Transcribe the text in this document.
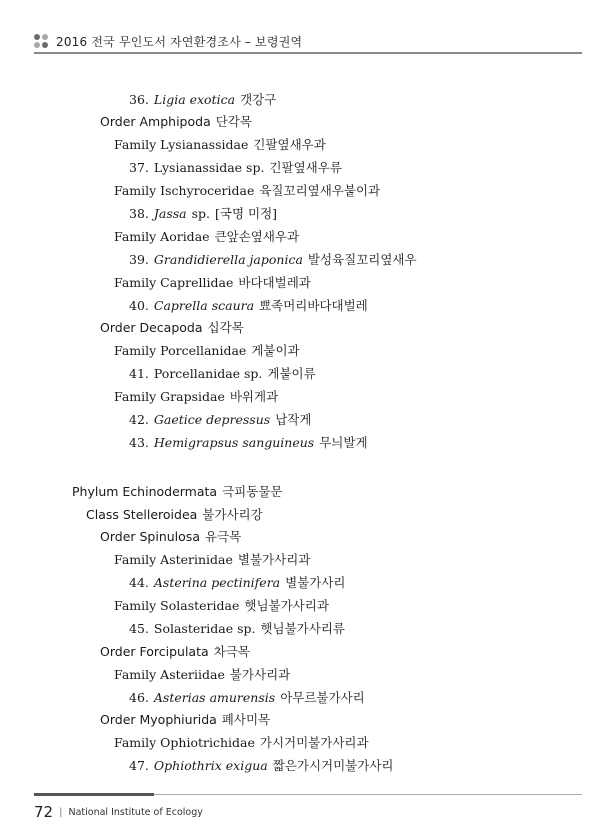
2016 전국 무인도서 자연환경조사 – 보령권역
36. Ligia exotica 갯강구
Order Amphipoda 단각목
Family Lysianassidae 긴팔옆새우과
37. Lysianassidae sp. 긴팔옆새우류
Family Ischyroceridae 육질꼬리옆새우붙이과
38. Jassa sp. [국명 미정]
Family Aoridae 큰앞손옆새우과
39. Grandidierella japonica 발성육질꼬리옆새우
Family Caprellidae 바다대벌레과
40. Caprella scaura 뾰족머리바다대벌레
Order Decapoda 십각목
Family Porcellanidae 게붙이과
41. Porcellanidae sp. 게붙이류
Family Grapsidae 바위게과
42. Gaetice depressus 납작게
43. Hemigrapsus sanguineus 무늬발게
Phylum Echinodermata 극피동물문
Class Stelleroidea 불가사리강
Order Spinulosa 유극목
Family Asterinidae 별불가사리과
44. Asterina pectinifera 별불가사리
Family Solasteridae 햇님불가사리과
45. Solasteridae sp. 햇님불가사리류
Order Forcipulata 차극목
Family Asteriidae 불가사리과
46. Asterias amurensis 아무르불가사리
Order Myophiurida 폐사미목
Family Ophiotrichidae 가시거미불가사리과
47. Ophiothrix exigua 짧은가시거미불가사리
72 | National Institute of Ecology
